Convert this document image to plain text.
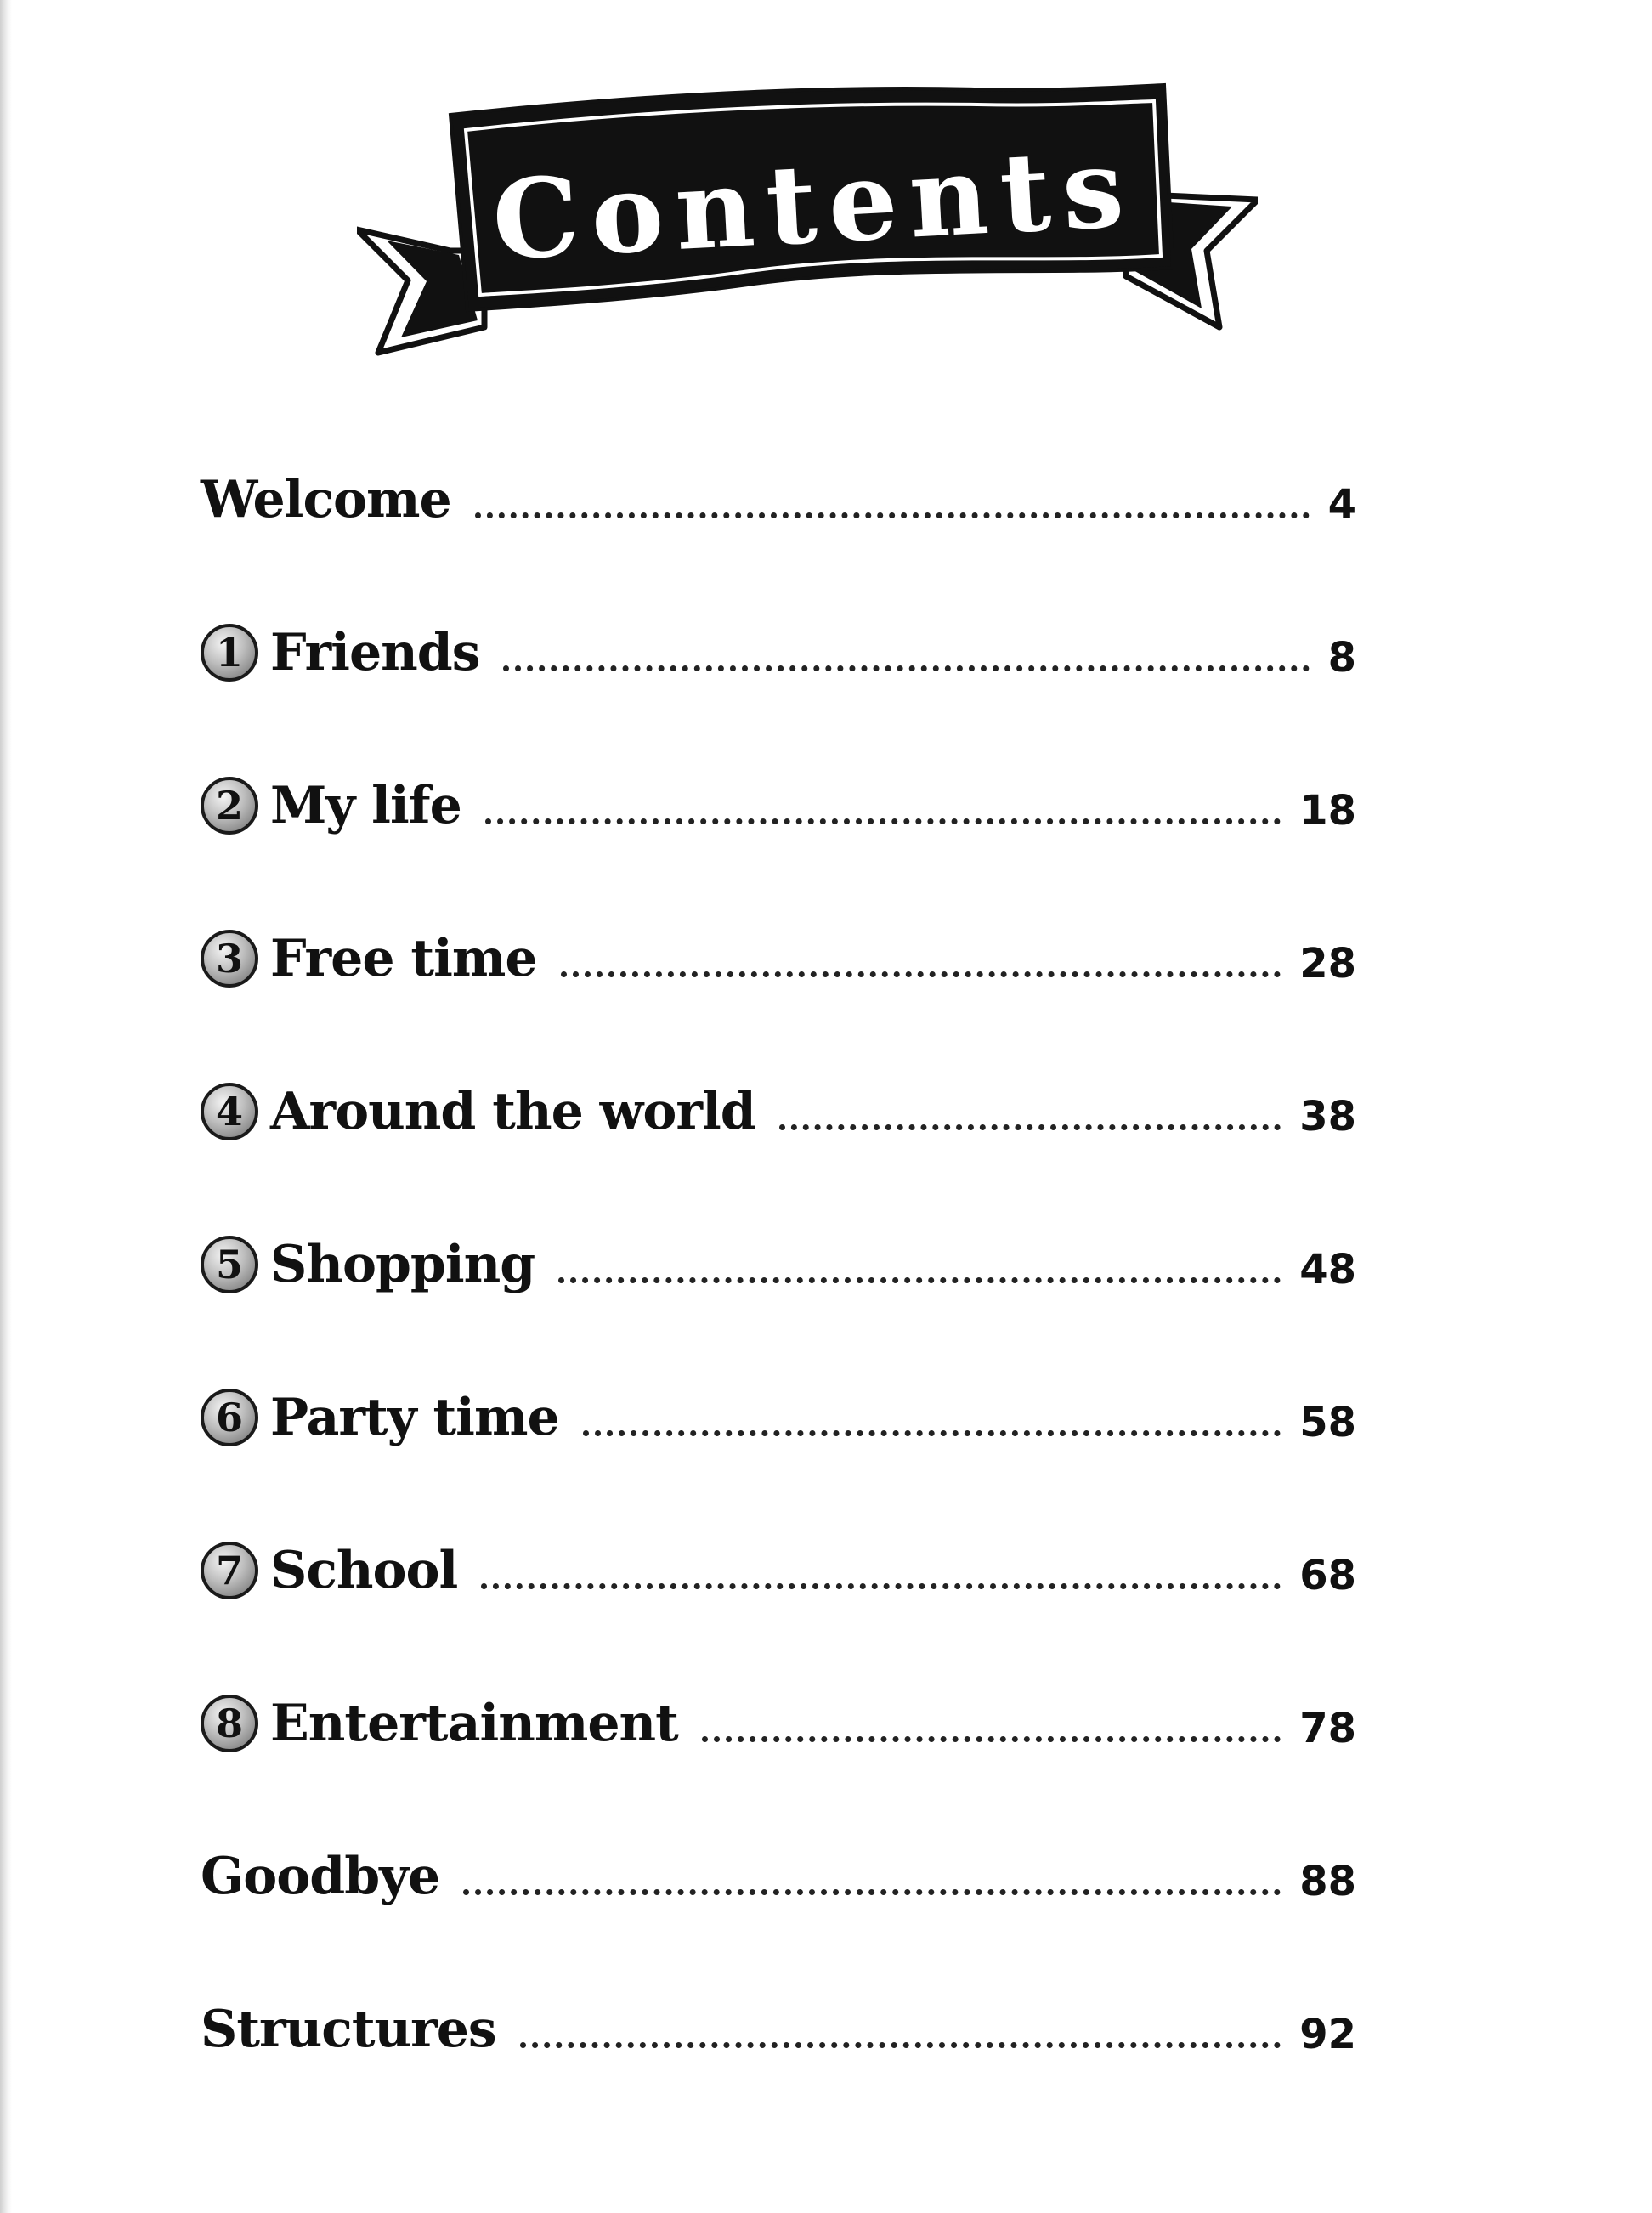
Contents
Welcome	4
1 Friends	8
2 My life	18
3 Free time	28
4 Around the world	38
5 Shopping	48
6 Party time	58
7 School	68
8 Entertainment	78
Goodbye	88
Structures	92
